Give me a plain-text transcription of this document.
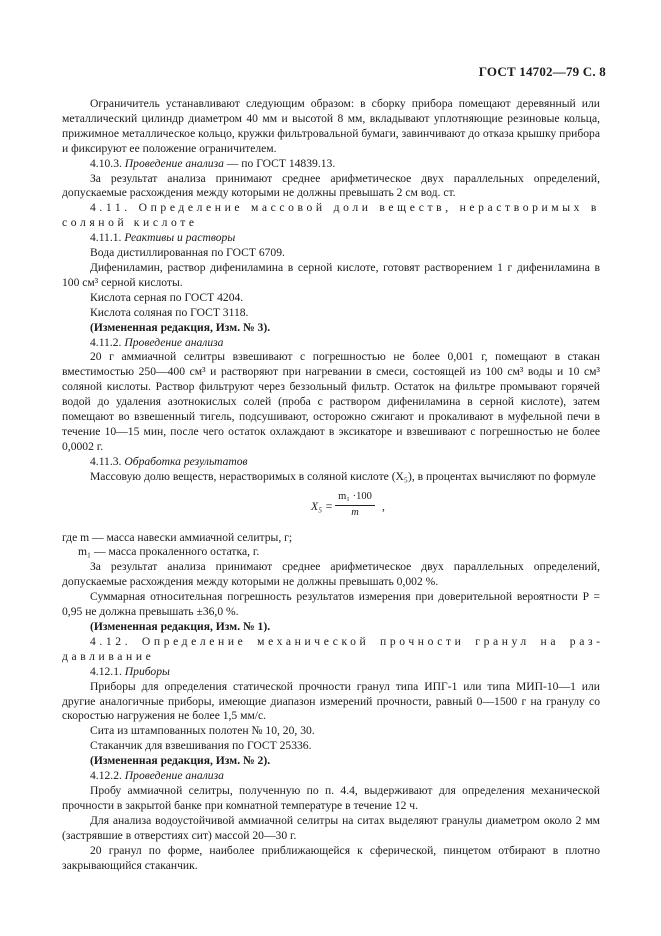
ГОСТ 14702—79 С. 8

Ограничитель устанавливают следующим образом: в сборку прибора помещают деревянный или металлический цилиндр диаметром 40 мм и высотой 8 мм, вкладывают уплотняющие резиновые кольца, прижимное металлическое кольцо, кружки фильтровальной бумаги, завинчивают до отказа крышку прибора и фиксируют ее положение ограничителем.

4.10.3. Проведение анализа — по ГОСТ 14839.13.

За результат анализа принимают среднее арифметическое двух параллельных определений, допускаемые расхождения между которыми не должны превышать 2 см вод. ст.

4.11. Определение массовой доли веществ, нерастворимых в соляной кислоте

4.11.1. Реактивы и растворы

Вода дистиллированная по ГОСТ 6709.

Дифениламин, раствор дифениламина в серной кислоте, готовят растворением 1 г дифениламина в 100 см³ серной кислоты.

Кислота серная по ГОСТ 4204.

Кислота соляная по ГОСТ 3118.

(Измененная редакция, Изм. № 3).

4.11.2. Проведение анализа

20 г аммиачной селитры взвешивают с погрешностью не более 0,001 г, помещают в стакан вместимостью 250—400 см³ и растворяют при нагревании в смеси, состоящей из 100 см³ воды и 10 см³ соляной кислоты. Раствор фильтруют через беззольный фильтр. Остаток на фильтре промывают горячей водой до удаления азотнокислых солей (проба с раствором дифениламина в серной кислоте), затем помещают во взвешенный тигель, подсушивают, осторожно сжигают и прокаливают в муфельной печи в течение 10—15 мин, после чего остаток охлаждают в эксикаторе и взвешивают с погрешностью не более 0,0002 г.

4.11.3. Обработка результатов

Массовую долю веществ, нерастворимых в соляной кислоте (X₅), в процентах вычисляют по формуле

$X_5 = \frac{\text{m₁ ·100}}{m}$ ,

где m — масса навески аммиачной селитры, г;

m₁ — масса прокаленного остатка, г.

За результат анализа принимают среднее арифметическое двух параллельных определений, допускаемые расхождения между которыми не должны превышать 0,002 %.

Суммарная относительная погрешность результатов измерения при доверительной вероятности P = 0,95 не должна превышать ±36,0 %.

(Измененная редакция, Изм. № 1).

4.12. Определение механической прочности гранул на раздавливание

4.12.1. Приборы

Приборы для определения статической прочности гранул типа ИПГ-1 или типа МИП-10—1 или другие аналогичные приборы, имеющие диапазон измерений прочности, равный 0—1500 г на гранулу со скоростью нагружения не более 1,5 мм/с.

Сита из штампованных полотен № 10, 20, 30.

Стаканчик для взвешивания по ГОСТ 25336.

(Измененная редакция, Изм. № 2).

4.12.2. Проведение анализа

Пробу аммиачной селитры, полученную по п. 4.4, выдерживают для определения механической прочности в закрытой банке при комнатной температуре в течение 12 ч.

Для анализа водоустойчивой аммиачной селитры на ситах выделяют гранулы диаметром около 2 мм (застрявшие в отверстиях сит) массой 20—30 г.

20 гранул по форме, наиболее приближающейся к сферической, пинцетом отбирают в плотно закрывающийся стаканчик.
